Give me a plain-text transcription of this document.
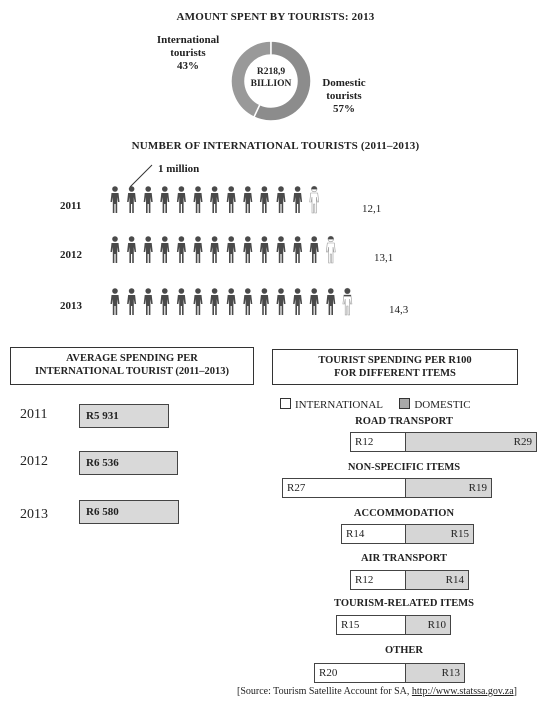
AMOUNT SPENT BY TOURISTS: 2013
International
tourists
43%
Domestic
tourists
57%
R218,9
BILLION
NUMBER OF INTERNATIONAL TOURISTS (2011–2013)
1 million
2011
2012
2013
12,1
13,1
14,3
AVERAGE SPENDING PER
INTERNATIONAL TOURIST (2011–2013)
2011	R5 931
2012	R6 536
2013	R6 580
TOURIST SPENDING PER R100
FOR DIFFERENT ITEMS
INTERNATIONAL	DOMESTIC
ROAD TRANSPORT
R12	R29
NON-SPECIFIC ITEMS
R27	R19
ACCOMMODATION
R14	R15
AIR TRANSPORT
R12	R14
TOURISM-RELATED ITEMS
R15	R10
OTHER
R20	R13
[Source: Tourism Satellite Account for SA, http://www.statssa.gov.za]
